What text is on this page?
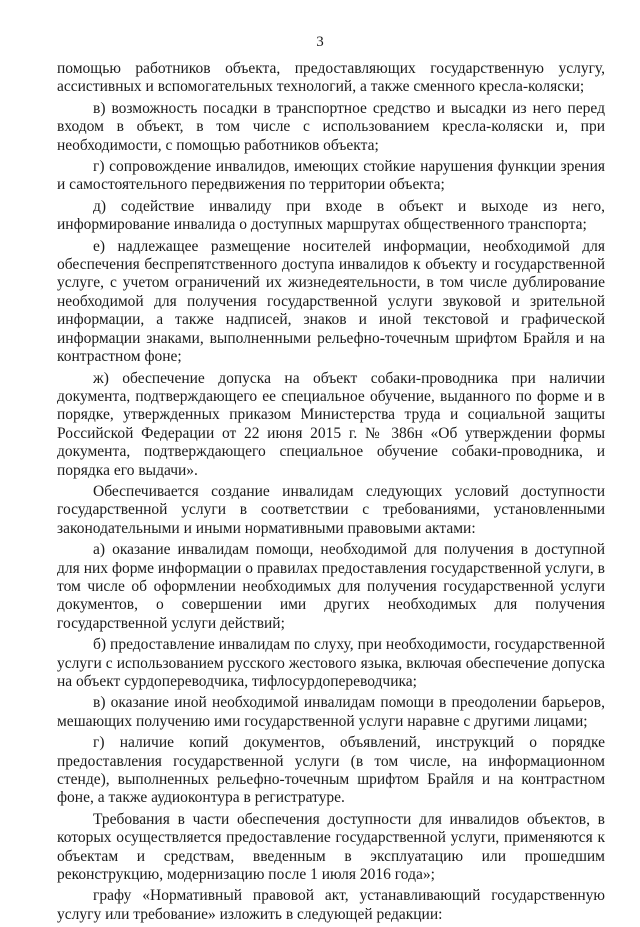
3

помощью работников объекта, предоставляющих государственную услугу, ассистивных и вспомогательных технологий, а также сменного кресла-коляски;

в) возможность посадки в транспортное средство и высадки из него перед входом в объект, в том числе с использованием кресла-коляски и, при необходимости, с помощью работников объекта;

г) сопровождение инвалидов, имеющих стойкие нарушения функции зрения и самостоятельного передвижения по территории объекта;

д) содействие инвалиду при входе в объект и выходе из него, информирование инвалида о доступных маршрутах общественного транспорта;

е) надлежащее размещение носителей информации, необходимой для обеспечения беспрепятственного доступа инвалидов к объекту и государственной услуге, с учетом ограничений их жизнедеятельности, в том числе дублирование необходимой для получения государственной услуги звуковой и зрительной информации, а также надписей, знаков и иной текстовой и графической информации знаками, выполненными рельефно-точечным шрифтом Брайля и на контрастном фоне;

ж) обеспечение допуска на объект собаки-проводника при наличии документа, подтверждающего ее специальное обучение, выданного по форме и в порядке, утвержденных приказом Министерства труда и социальной защиты Российской Федерации от 22 июня 2015 г. № 386н «Об утверждении формы документа, подтверждающего специальное обучение собаки-проводника, и порядка его выдачи».

Обеспечивается создание инвалидам следующих условий доступности государственной услуги в соответствии с требованиями, установленными законодательными и иными нормативными правовыми актами:

а) оказание инвалидам помощи, необходимой для получения в доступной для них форме информации о правилах предоставления государственной услуги, в том числе об оформлении необходимых для получения государственной услуги документов, о совершении ими других необходимых для получения государственной услуги действий;

б) предоставление инвалидам по слуху, при необходимости, государственной услуги с использованием русского жестового языка, включая обеспечение допуска на объект сурдопереводчика, тифлосурдопереводчика;

в) оказание иной необходимой инвалидам помощи в преодолении барьеров, мешающих получению ими государственной услуги наравне с другими лицами;

г) наличие копий документов, объявлений, инструкций о порядке предоставления государственной услуги (в том числе, на информационном стенде), выполненных рельефно-точечным шрифтом Брайля и на контрастном фоне, а также аудиоконтура в регистратуре.

Требования в части обеспечения доступности для инвалидов объектов, в которых осуществляется предоставление государственной услуги, применяются к объектам и средствам, введенным в эксплуатацию или прошедшим реконструкцию, модернизацию после 1 июля 2016 года»;

графу «Нормативный правовой акт, устанавливающий государственную услугу или требование» изложить в следующей редакции:
